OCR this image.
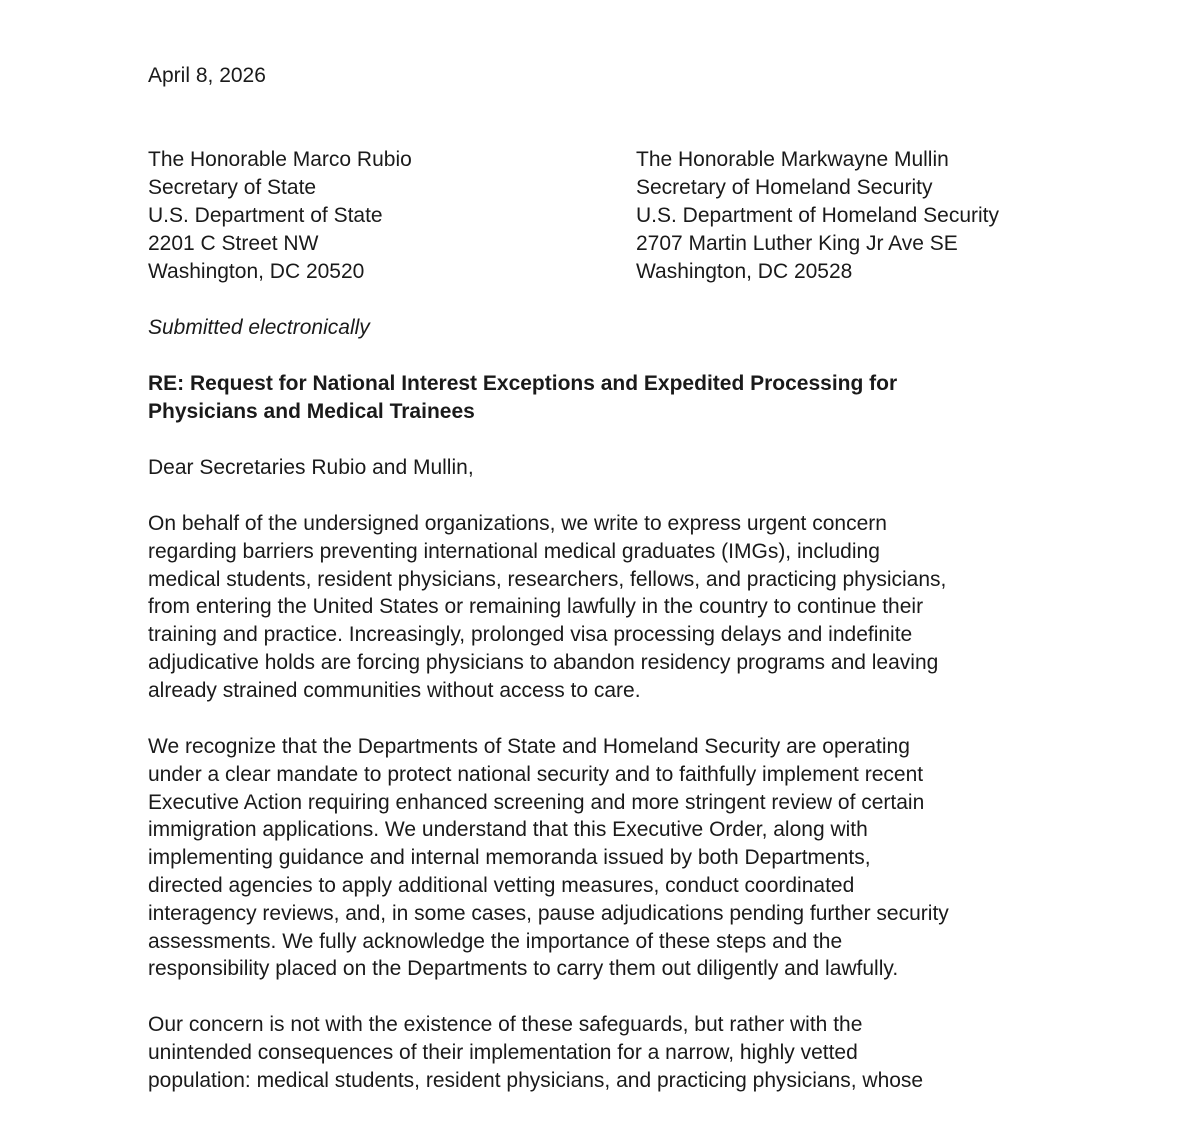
April 8, 2026
The Honorable Marco Rubio
Secretary of State
U.S. Department of State
2201 C Street NW
Washington, DC 20520
The Honorable Markwayne Mullin
Secretary of Homeland Security
U.S. Department of Homeland Security
2707 Martin Luther King Jr Ave SE
Washington, DC 20528
Submitted electronically
RE: Request for National Interest Exceptions and Expedited Processing for
Physicians and Medical Trainees
Dear Secretaries Rubio and Mullin,
On behalf of the undersigned organizations, we write to express urgent concern
regarding barriers preventing international medical graduates (IMGs), including
medical students, resident physicians, researchers, fellows, and practicing physicians,
from entering the United States or remaining lawfully in the country to continue their
training and practice. Increasingly, prolonged visa processing delays and indefinite
adjudicative holds are forcing physicians to abandon residency programs and leaving
already strained communities without access to care.
We recognize that the Departments of State and Homeland Security are operating
under a clear mandate to protect national security and to faithfully implement recent
Executive Action requiring enhanced screening and more stringent review of certain
immigration applications. We understand that this Executive Order, along with
implementing guidance and internal memoranda issued by both Departments,
directed agencies to apply additional vetting measures, conduct coordinated
interagency reviews, and, in some cases, pause adjudications pending further security
assessments. We fully acknowledge the importance of these steps and the
responsibility placed on the Departments to carry them out diligently and lawfully.
Our concern is not with the existence of these safeguards, but rather with the
unintended consequences of their implementation for a narrow, highly vetted
population: medical students, resident physicians, and practicing physicians, whose
